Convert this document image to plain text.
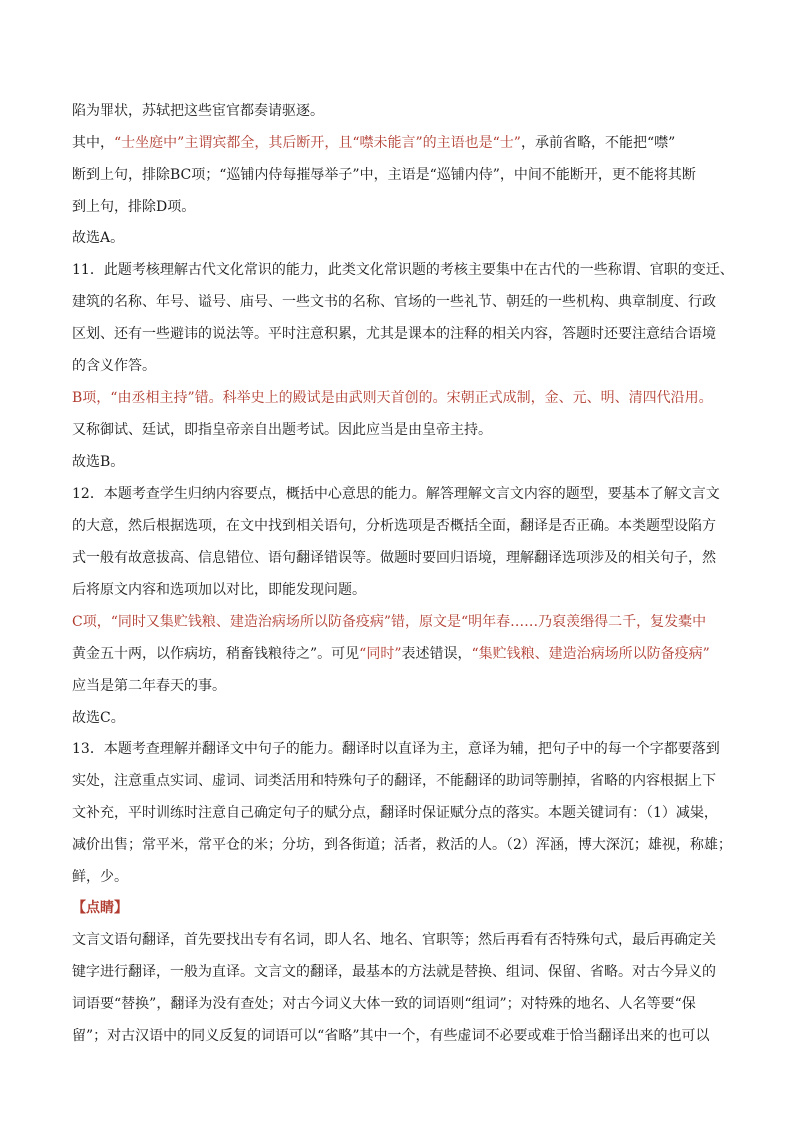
陷为罪状，苏轼把这些宦官都奏请驱逐。
其中，“士坐庭中”主谓宾都全，其后断开，且“噤未能言”的主语也是“士”，承前省略，不能把“噤”
断到上句，排除BC项；“巡铺内侍每摧辱举子”中，主语是“巡铺内侍”，中间不能断开，更不能将其断
到上句，排除D项。
故选A。
11．此题考核理解古代文化常识的能力，此类文化常识题的考核主要集中在古代的一些称谓、官职的变迁、
建筑的名称、年号、谥号、庙号、一些文书的名称、官场的一些礼节、朝廷的一些机构、典章制度、行政
区划、还有一些避讳的说法等。平时注意积累，尤其是课本的注释的相关内容，答题时还要注意结合语境
的含义作答。
B项，“由丞相主持”错。科举史上的殿试是由武则天首创的。宋朝正式成制，金、元、明、清四代沿用。
又称御试、廷试，即指皇帝亲自出题考试。因此应当是由皇帝主持。
故选B。
12．本题考查学生归纳内容要点，概括中心意思的能力。解答理解文言文内容的题型，要基本了解文言文
的大意，然后根据选项，在文中找到相关语句，分析选项是否概括全面，翻译是否正确。本类题型设陷方
式一般有故意拔高、信息错位、语句翻译错误等。做题时要回归语境，理解翻译选项涉及的相关句子，然
后将原文内容和选项加以对比，即能发现问题。
C项，“同时又集贮钱粮、建造治病场所以防备疫病”错，原文是“明年春……乃裒羡缗得二千，复发橐中
黄金五十两，以作病坊，稍畜钱粮待之”。可见“同时”表述错误，“集贮钱粮、建造治病场所以防备疫病”
应当是第二年春天的事。
故选C。
13．本题考查理解并翻译文中句子的能力。翻译时以直译为主，意译为辅，把句子中的每一个字都要落到
实处，注意重点实词、虚词、词类活用和特殊句子的翻译，不能翻译的助词等删掉，省略的内容根据上下
文补充，平时训练时注意自己确定句子的赋分点，翻译时保证赋分点的落实。本题关键词有：（1）减粜，
减价出售；常平米，常平仓的米；分坊，到各街道；活者，救活的人。（2）浑涵，博大深沉；雄视，称雄；
鲜，少。
【点睛】
文言文语句翻译，首先要找出专有名词，即人名、地名、官职等；然后再看有否特殊句式，最后再确定关
键字进行翻译，一般为直译。文言文的翻译，最基本的方法就是替换、组词、保留、省略。对古今异义的
词语要“替换”，翻译为没有查处；对古今词义大体一致的词语则“组词”；对特殊的地名、人名等要“保
留”；对古汉语中的同义反复的词语可以“省略”其中一个，有些虚词不必要或难于恰当翻译出来的也可以
